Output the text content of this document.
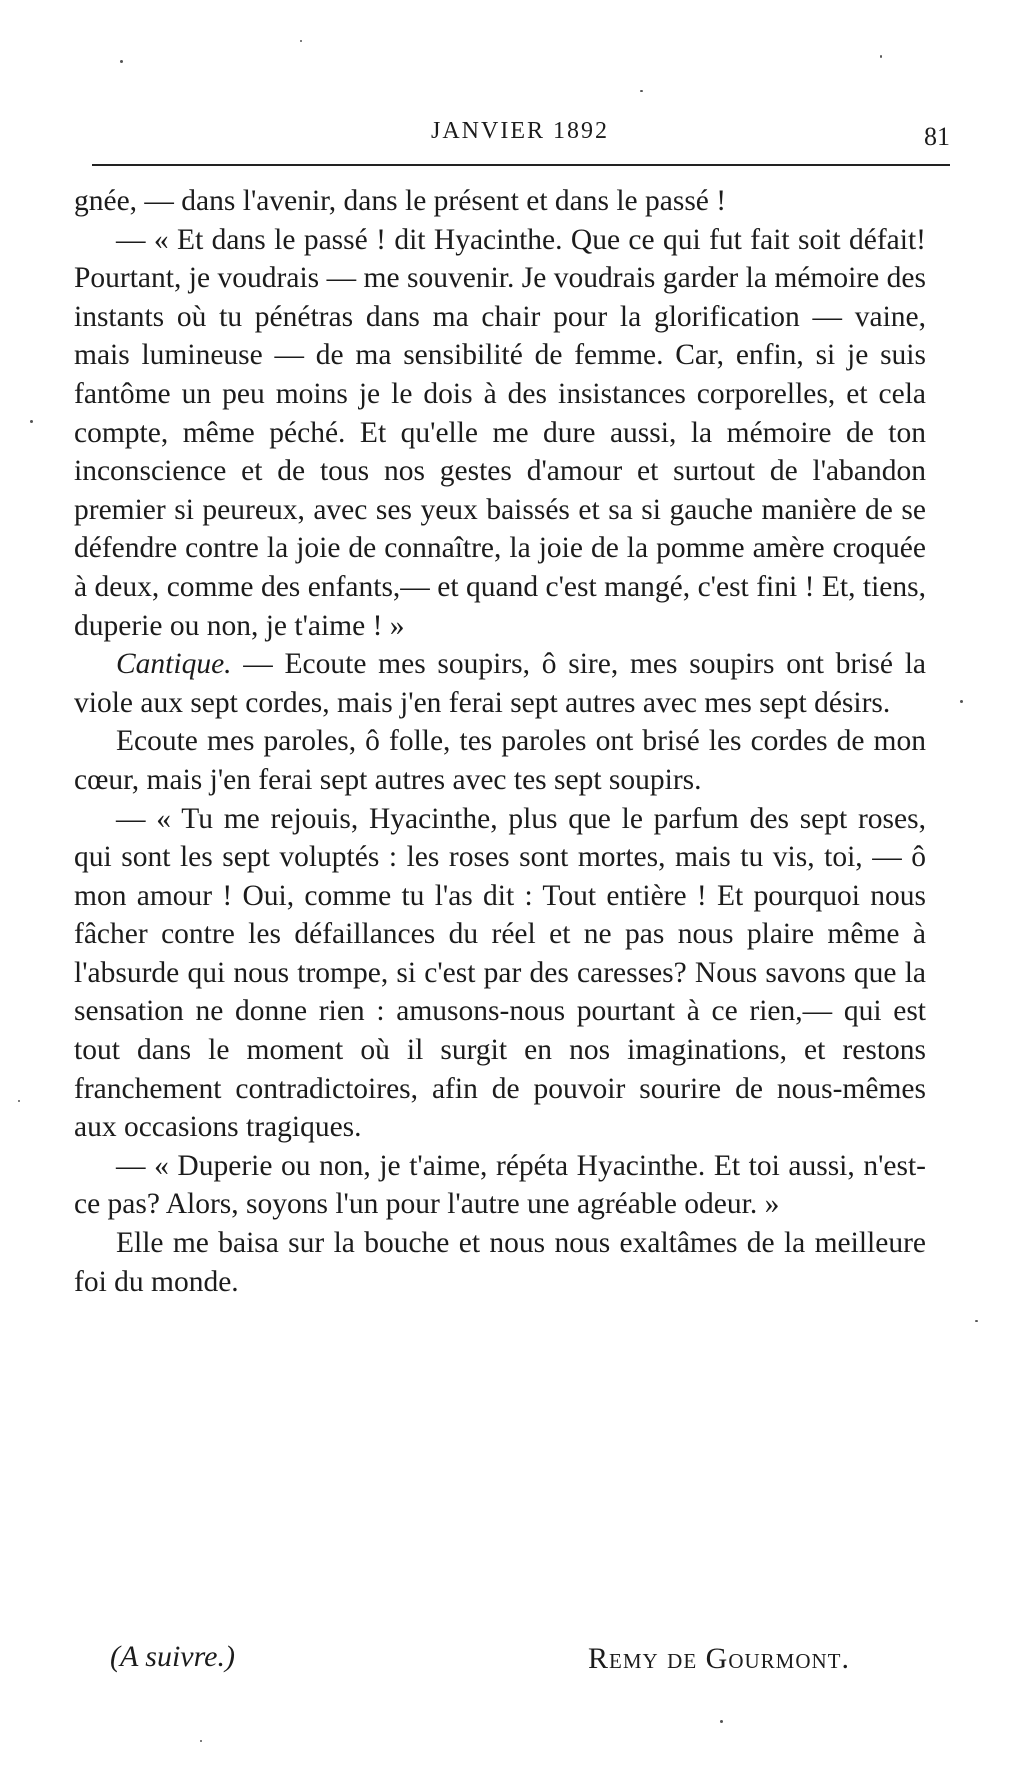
JANVIER 1892	81

gnée, — dans l'avenir, dans le présent et dans le passé !

— « Et dans le passé ! dit Hyacinthe. Que ce qui fut fait soit défait! Pourtant, je voudrais — me souvenir. Je voudrais garder la mémoire des instants où tu pénétras dans ma chair pour la glorification — vaine, mais lumineuse — de ma sensibilité de femme. Car, enfin, si je suis fantôme un peu moins je le dois à des insistances corporelles, et cela compte, même péché. Et qu'elle me dure aussi, la mémoire de ton inconscience et de tous nos gestes d'amour et surtout de l'abandon premier si peureux, avec ses yeux baissés et sa si gauche manière de se défendre contre la joie de connaître, la joie de la pomme amère croquée à deux, comme des enfants,— et quand c'est mangé, c'est fini ! Et, tiens, duperie ou non, je t'aime ! »

Cantique. — Ecoute mes soupirs, ô sire, mes soupirs ont brisé la viole aux sept cordes, mais j'en ferai sept autres avec mes sept désirs.

Ecoute mes paroles, ô folle, tes paroles ont brisé les cordes de mon cœur, mais j'en ferai sept autres avec tes sept soupirs.

— « Tu me rejouis, Hyacinthe, plus que le parfum des sept roses, qui sont les sept voluptés : les roses sont mortes, mais tu vis, toi, — ô mon amour ! Oui, comme tu l'as dit : Tout entière ! Et pourquoi nous fâcher contre les défaillances du réel et ne pas nous plaire même à l'absurde qui nous trompe, si c'est par des caresses? Nous savons que la sensation ne donne rien : amusons-nous pourtant à ce rien,— qui est tout dans le moment où il surgit en nos imaginations, et restons franchement contradictoires, afin de pouvoir sourire de nous-mêmes aux occasions tragiques.

— « Duperie ou non, je t'aime, répéta Hyacinthe. Et toi aussi, n'est-ce pas? Alors, soyons l'un pour l'autre une agréable odeur. »

Elle me baisa sur la bouche et nous nous exaltâmes de la meilleure foi du monde.

(A suivre.)	Remy de Gourmont.
